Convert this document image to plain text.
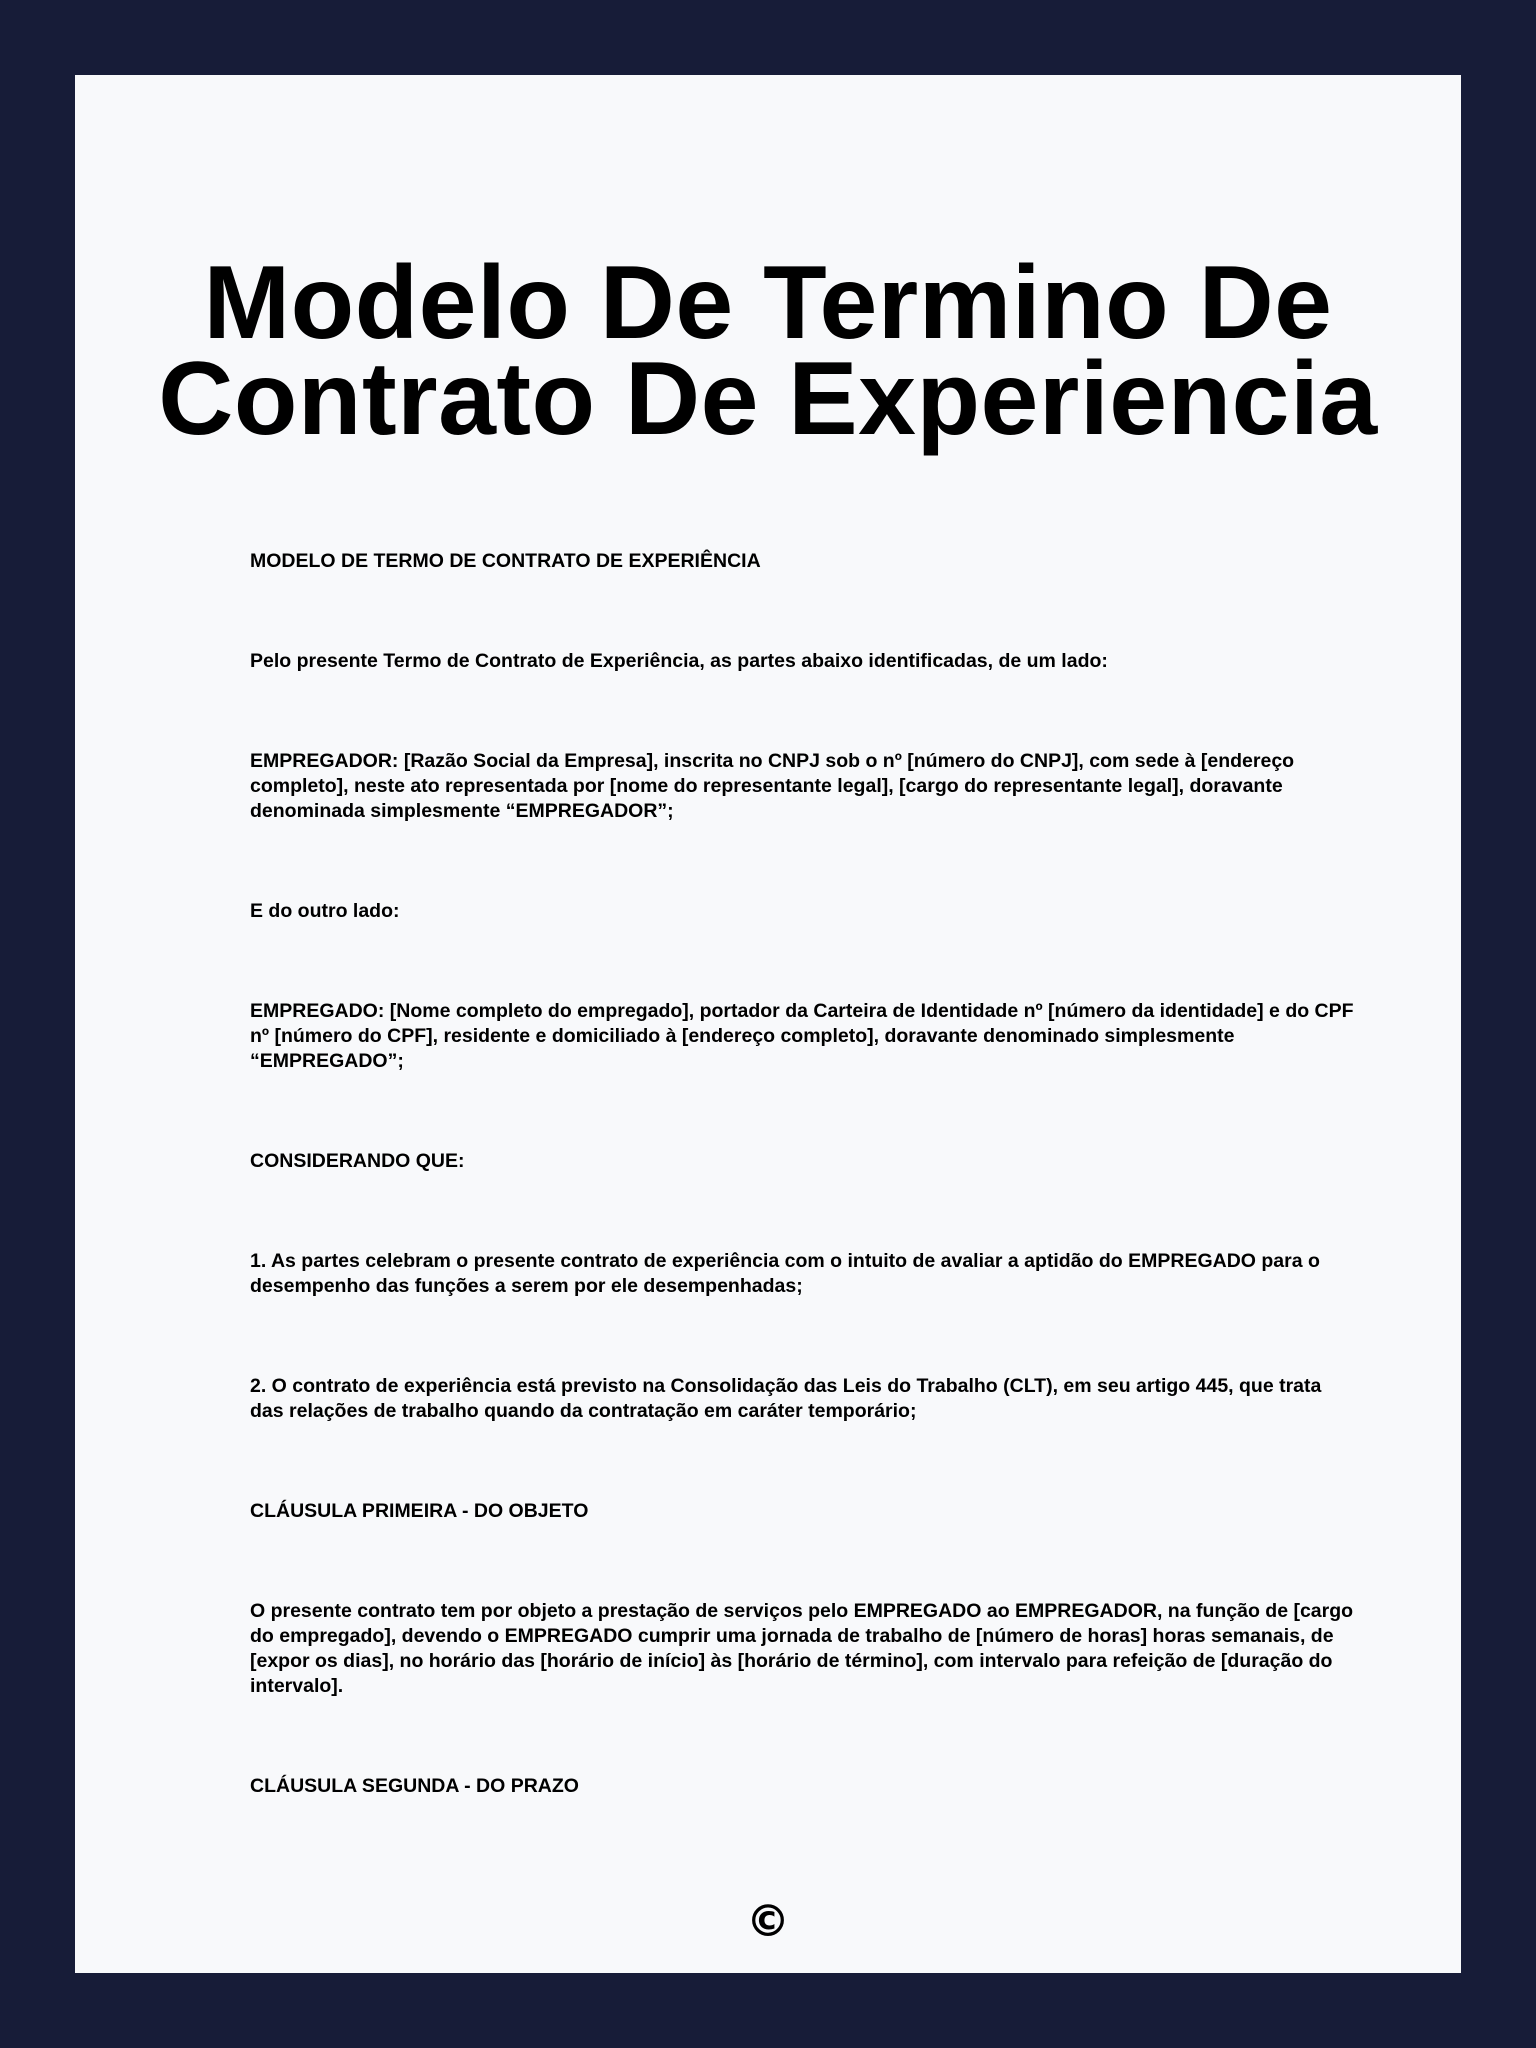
Modelo De Termino De
Contrato De Experiencia

MODELO DE TERMO DE CONTRATO DE EXPERIÊNCIA

Pelo presente Termo de Contrato de Experiência, as partes abaixo identificadas, de um lado:

EMPREGADOR: [Razão Social da Empresa], inscrita no CNPJ sob o nº [número do CNPJ], com sede à [endereço completo], neste ato representada por [nome do representante legal], [cargo do representante legal], doravante denominada simplesmente “EMPREGADOR”;

E do outro lado:

EMPREGADO: [Nome completo do empregado], portador da Carteira de Identidade nº [número da identidade] e do CPF nº [número do CPF], residente e domiciliado à [endereço completo], doravante denominado simplesmente “EMPREGADO”;

CONSIDERANDO QUE:

1. As partes celebram o presente contrato de experiência com o intuito de avaliar a aptidão do EMPREGADO para o desempenho das funções a serem por ele desempenhadas;

2. O contrato de experiência está previsto na Consolidação das Leis do Trabalho (CLT), em seu artigo 445, que trata das relações de trabalho quando da contratação em caráter temporário;

CLÁUSULA PRIMEIRA - DO OBJETO

O presente contrato tem por objeto a prestação de serviços pelo EMPREGADO ao EMPREGADOR, na função de [cargo do empregado], devendo o EMPREGADO cumprir uma jornada de trabalho de [número de horas] horas semanais, de [expor os dias], no horário das [horário de início] às [horário de término], com intervalo para refeição de [duração do intervalo].

CLÁUSULA SEGUNDA - DO PRAZO

©
